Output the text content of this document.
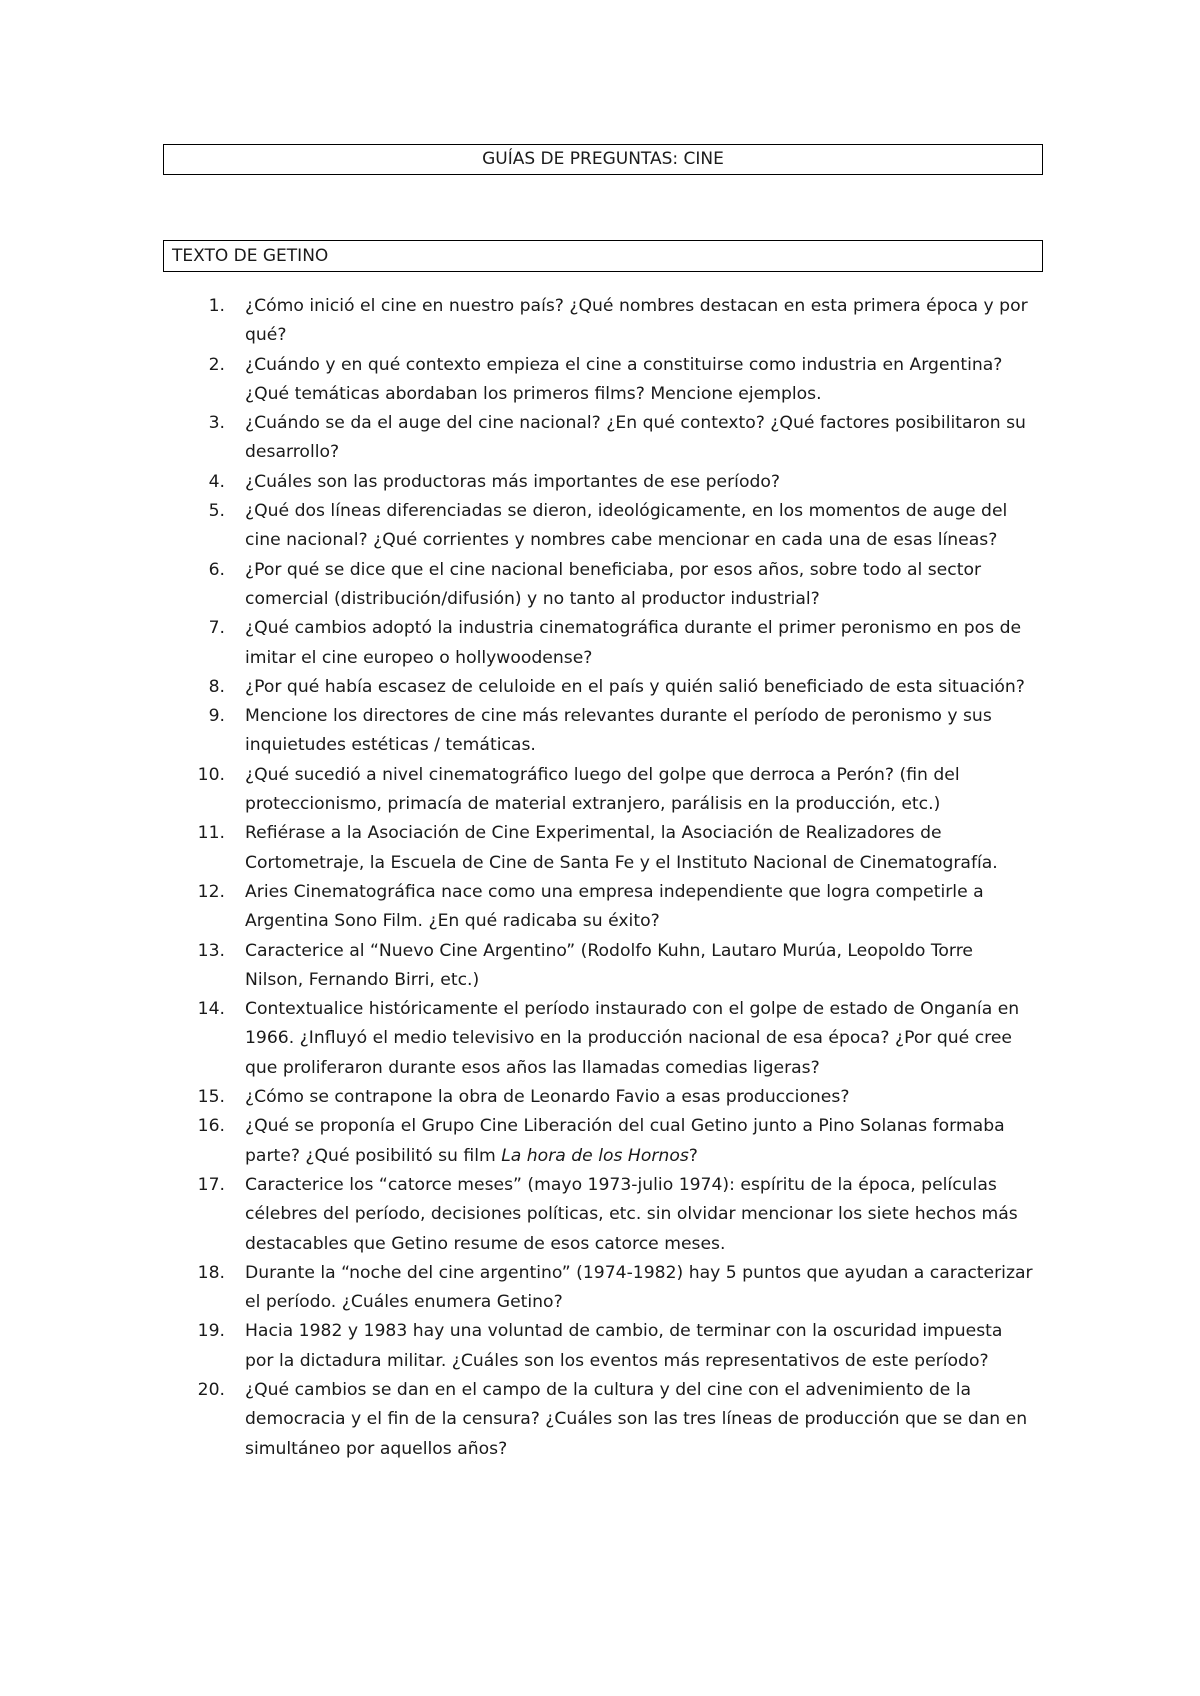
GUÍAS DE PREGUNTAS: CINE
TEXTO DE GETINO
1 .	¿Cómo inició el cine en nuestro país? ¿Qué nombres destacan en esta primera época y por qué?
2 .	¿Cuándo y en qué contexto empieza el cine a constituirse como industria en Argentina? ¿Qué temáticas abordaban los primeros films? Mencione ejemplos.
3 .	¿Cuándo se da el auge del cine nacional? ¿En qué contexto? ¿Qué factores posibilitaron su desarrollo?
4 .	¿Cuáles son las productoras más importantes de ese período?
5 .	¿Qué dos líneas diferenciadas se dieron, ideológicamente, en los momentos de auge del cine nacional? ¿Qué corrientes y nombres cabe mencionar en cada una de esas líneas?
6 .	¿Por qué se dice que el cine nacional beneficiaba, por esos años, sobre todo al sector comercial (distribución/difusión) y no tanto al productor industrial?
7 .	¿Qué cambios adoptó la industria cinematográfica durante el primer peronismo en pos de imitar el cine europeo o hollywoodense?
8 .	¿Por qué había escasez de celuloide en el país y quién salió beneficiado de esta situación?
9 .	Mencione los directores de cine más relevantes durante el período de peronismo y sus inquietudes estéticas / temáticas.
10 .	¿Qué sucedió a nivel cinematográfico luego del golpe que derroca a Perón? (fin del proteccionismo, primacía de material extranjero, parálisis en la producción, etc.)
11 .	Refiérase a la Asociación de Cine Experimental, la Asociación de Realizadores de Cortometraje, la Escuela de Cine de Santa Fe y el Instituto Nacional de Cinematografía.
12 .	Aries Cinematográfica nace como una empresa independiente que logra competirle a Argentina Sono Film. ¿En qué radicaba su éxito?
13 .	Caracterice al “Nuevo Cine Argentino” (Rodolfo Kuhn, Lautaro Murúa, Leopoldo Torre Nilson, Fernando Birri, etc.)
14 .	Contextualice históricamente el período instaurado con el golpe de estado de Onganía en 1966. ¿Influyó el medio televisivo en la producción nacional de esa época? ¿Por qué cree que proliferaron durante esos años las llamadas comedias ligeras?
15 .	¿Cómo se contrapone la obra de Leonardo Favio a esas producciones?
16 .	¿Qué se proponía el Grupo Cine Liberación del cual Getino junto a Pino Solanas formaba parte? ¿Qué posibilitó su film La hora de los Hornos?
17 .	Caracterice los “catorce meses” (mayo 1973-julio 1974): espíritu de la época, películas célebres del período, decisiones políticas, etc. sin olvidar mencionar los siete hechos más destacables que Getino resume de esos catorce meses.
18 .	Durante la “noche del cine argentino” (1974-1982) hay 5 puntos que ayudan a caracterizar el período. ¿Cuáles enumera Getino?
19 .	Hacia 1982 y 1983 hay una voluntad de cambio, de terminar con la oscuridad impuesta por la dictadura militar. ¿Cuáles son los eventos más representativos de este período?
20 .	¿Qué cambios se dan en el campo de la cultura y del cine con el advenimiento de la democracia y el fin de la censura? ¿Cuáles son las tres líneas de producción que se dan en simultáneo por aquellos años?
